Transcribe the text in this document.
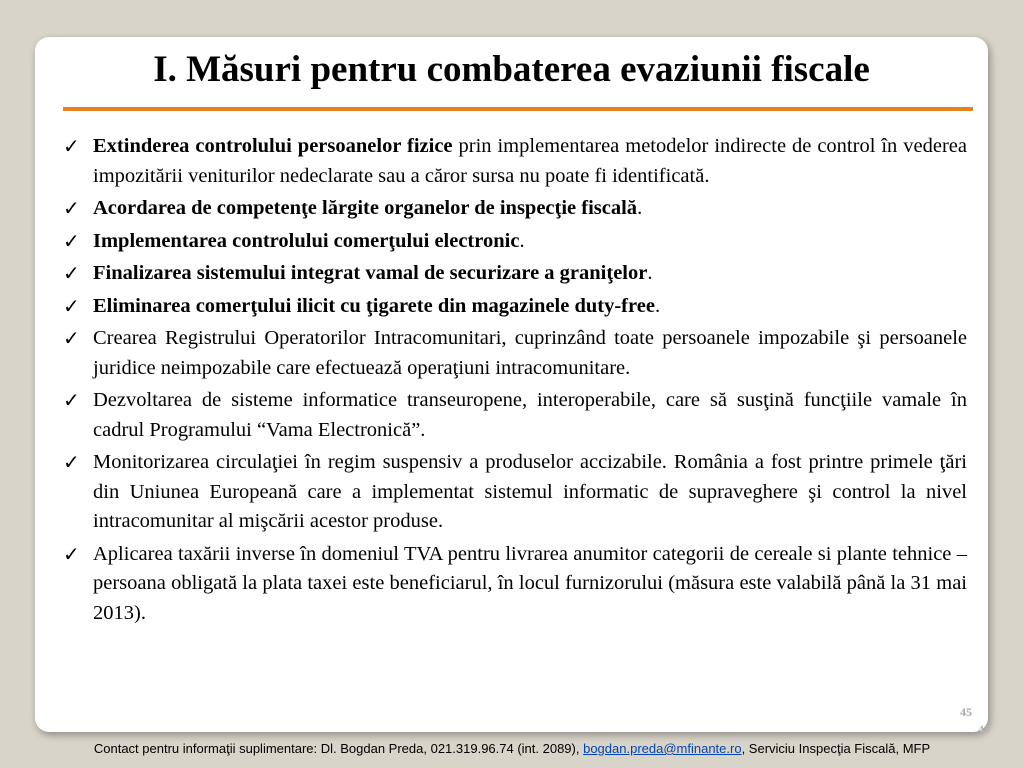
I. Măsuri pentru combaterea evaziunii fiscale
✓ Extinderea controlului persoanelor fizice prin implementarea metodelor indirecte de control în vederea impozitării veniturilor nedeclarate sau a căror sursa nu poate fi identificată.
✓ Acordarea de competenţe lărgite organelor de inspecţie fiscală.
✓ Implementarea controlului comerţului electronic.
✓ Finalizarea sistemului integrat vamal de securizare a graniţelor.
✓ Eliminarea comerţului ilicit cu ţigarete din magazinele duty-free.
✓ Crearea Registrului Operatorilor Intracomunitari, cuprinzând toate persoanele impozabile şi persoanele juridice neimpozabile care efectuează operaţiuni intracomunitare.
✓ Dezvoltarea de sisteme informatice transeuropene, interoperabile, care să susţină funcţiile vamale în cadrul Programului “Vama Electronică”.
✓ Monitorizarea circulaţiei în regim suspensiv a produselor accizabile. România a fost printre primele ţări din Uniunea Europeană care a implementat sistemul informatic de supraveghere şi control la nivel intracomunitar al mişcării acestor produse.
✓ Aplicarea taxării inverse în domeniul TVA pentru livrarea anumitor categorii de cereale si plante tehnice – persoana obligată la plata taxei este beneficiarul, în locul furnizorului (măsura este valabilă până la 31 mai 2013).
45
45
Contact pentru informaţii suplimentare: Dl. Bogdan Preda, 021.319.96.74 (int. 2089), bogdan.preda@mfinante.ro, Serviciu Inspecţia Fiscală, MFP
